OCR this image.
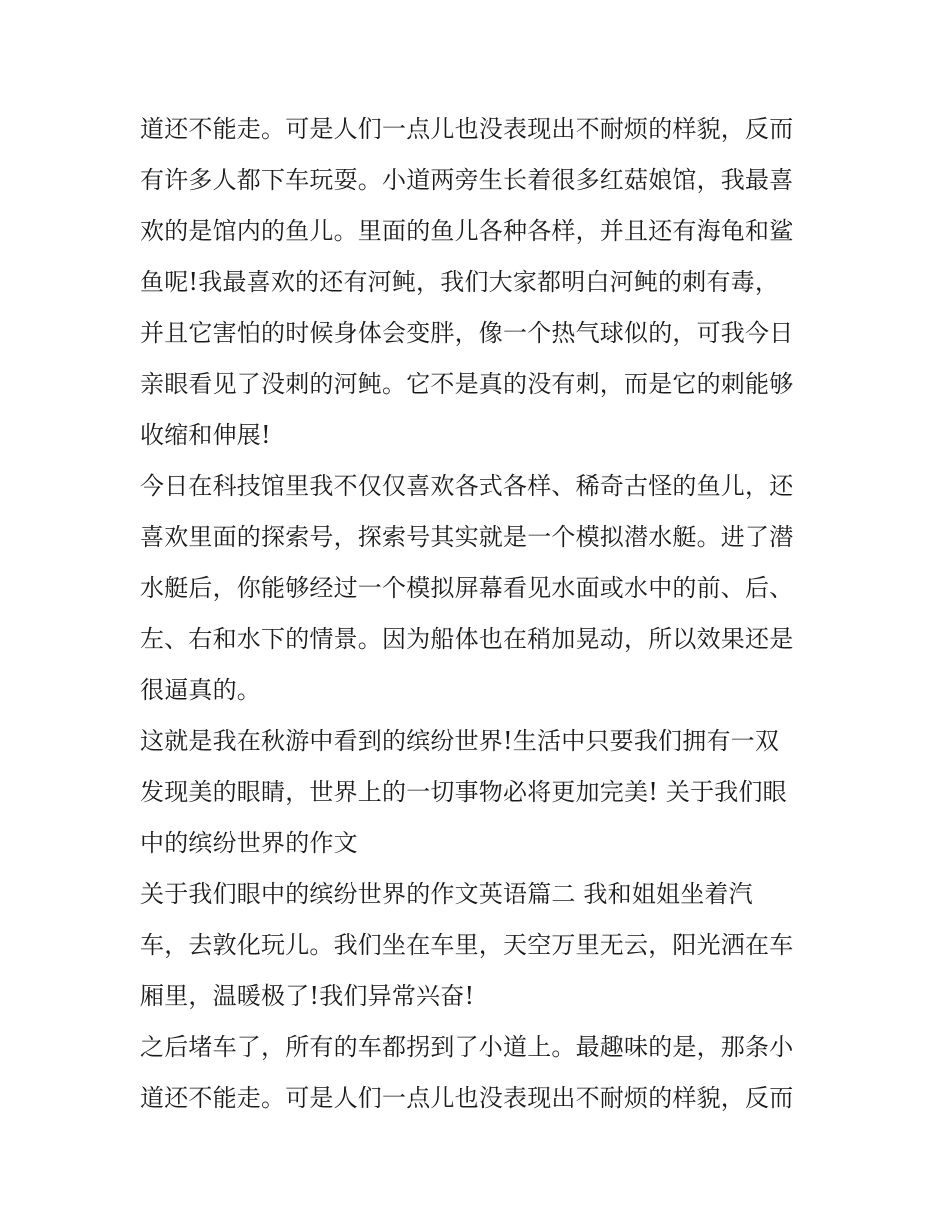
道还不能走。可是人们一点儿也没表现出不耐烦的样貌，反而
有许多人都下车玩耍。小道两旁生长着很多红菇娘馆，我最喜
欢的是馆内的鱼儿。里面的鱼儿各种各样，并且还有海龟和鲨
鱼呢!我最喜欢的还有河鲀，我们大家都明白河鲀的刺有毒，
并且它害怕的时候身体会变胖，像一个热气球似的，可我今日
亲眼看见了没刺的河鲀。它不是真的没有刺，而是它的刺能够
收缩和伸展!
今日在科技馆里我不仅仅喜欢各式各样、稀奇古怪的鱼儿，还
喜欢里面的探索号，探索号其实就是一个模拟潜水艇。进了潜
水艇后，你能够经过一个模拟屏幕看见水面或水中的前、后、
左、右和水下的情景。因为船体也在稍加晃动，所以效果还是
很逼真的。
这就是我在秋游中看到的缤纷世界!生活中只要我们拥有一双
发现美的眼睛，世界上的一切事物必将更加完美! 关于我们眼
中的缤纷世界的作文
关于我们眼中的缤纷世界的作文英语篇二 我和姐姐坐着汽
车，去敦化玩儿。我们坐在车里，天空万里无云，阳光洒在车
厢里，温暖极了!我们异常兴奋!
之后堵车了，所有的车都拐到了小道上。最趣味的是，那条小
道还不能走。可是人们一点儿也没表现出不耐烦的样貌，反而
